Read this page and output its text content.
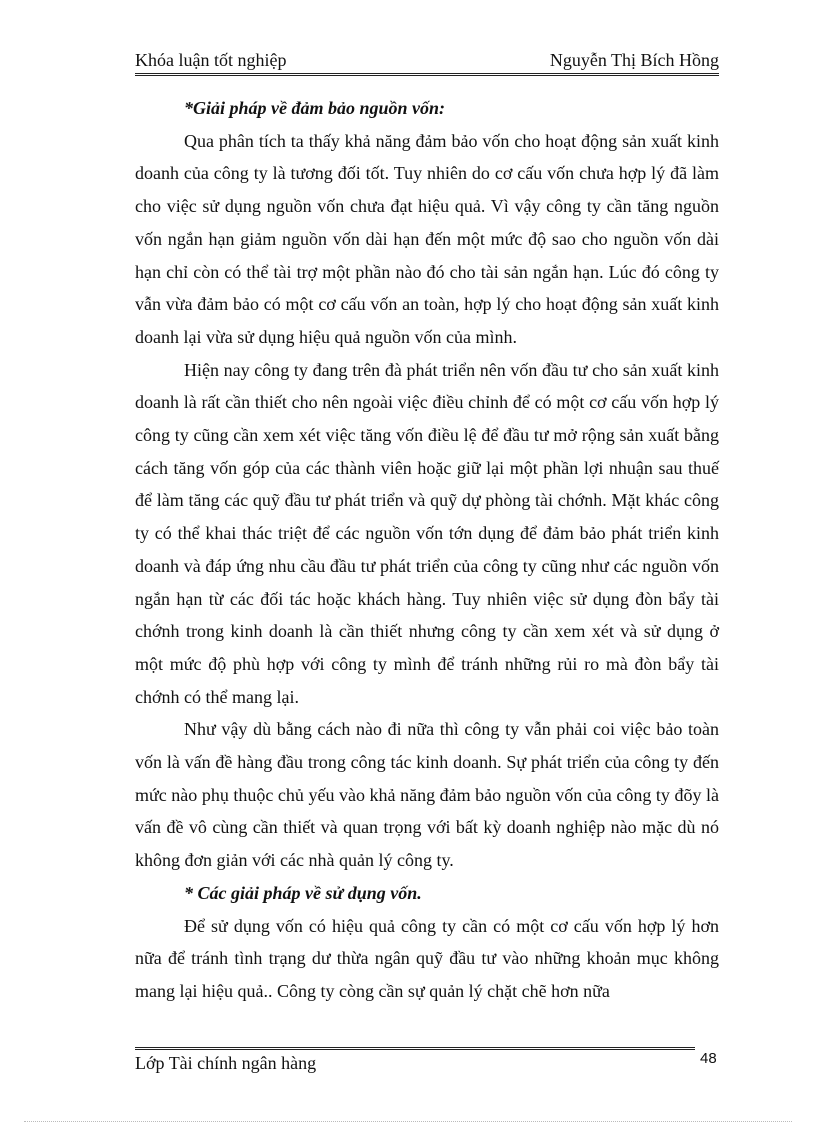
Khóa luận tốt nghiệp	Nguyễn Thị Bích Hồng

*Giải pháp về đảm bảo nguồn vốn:

Qua phân tích ta thấy khả năng đảm bảo vốn cho hoạt động sản xuất kinh doanh của công ty là tương đối tốt. Tuy nhiên do cơ cấu vốn chưa hợp lý đã làm cho việc sử dụng nguồn vốn chưa đạt hiệu quả. Vì vậy công ty cần tăng nguồn vốn ngắn hạn giảm nguồn vốn dài hạn đến một mức độ sao cho nguồn vốn dài hạn chỉ còn có thể tài trợ một phần nào đó cho tài sản ngắn hạn. Lúc đó công ty vẫn vừa đảm bảo có một cơ cấu vốn an toàn, hợp lý cho hoạt động sản xuất kinh doanh lại vừa sử dụng hiệu quả nguồn vốn của mình.

Hiện nay công ty đang trên đà phát triển nên vốn đầu tư cho sản xuất kinh doanh là rất cần thiết cho nên ngoài việc điều chỉnh để có một cơ cấu vốn hợp lý công ty cũng cần xem xét việc tăng vốn điều lệ để đầu tư mở rộng sản xuất bằng cách tăng vốn góp của các thành viên hoặc giữ lại một phần lợi nhuận sau thuế để làm tăng các quỹ đầu tư phát triển và quỹ dự phòng tài chớnh. Mặt khác công ty có thể khai thác triệt để các nguồn vốn tớn dụng để đảm bảo phát triển kinh doanh và đáp ứng nhu cầu đầu tư phát triển của công ty cũng như các nguồn vốn ngắn hạn từ các đối tác hoặc khách hàng. Tuy nhiên việc sử dụng đòn bẩy tài chớnh trong kinh doanh là cần thiết nhưng công ty cần xem xét và sử dụng ở một mức độ phù hợp với công ty mình để tránh những rủi ro mà đòn bẩy tài chớnh có thể mang lại.

Như vậy dù bằng cách nào đi nữa thì công ty vẫn phải coi việc bảo toàn vốn là vấn đề hàng đầu trong công tác kinh doanh. Sự phát triển của công ty đến mức nào phụ thuộc chủ yếu vào khả năng đảm bảo nguồn vốn của công ty đõy là vấn đề vô cùng cần thiết và quan trọng với bất kỳ doanh nghiệp nào mặc dù nó không đơn giản với các nhà quản lý công ty.

* Các giải pháp về sử dụng vốn.

Để sử dụng vốn có hiệu quả công ty cần có một cơ cấu vốn hợp lý hơn nữa để tránh tình trạng dư thừa ngân quỹ đầu tư vào những khoản mục không mang lại hiệu quả.. Công ty còng cần sự quản lý chặt chẽ hơn nữa

Lớp Tài chính ngân hàng	48
